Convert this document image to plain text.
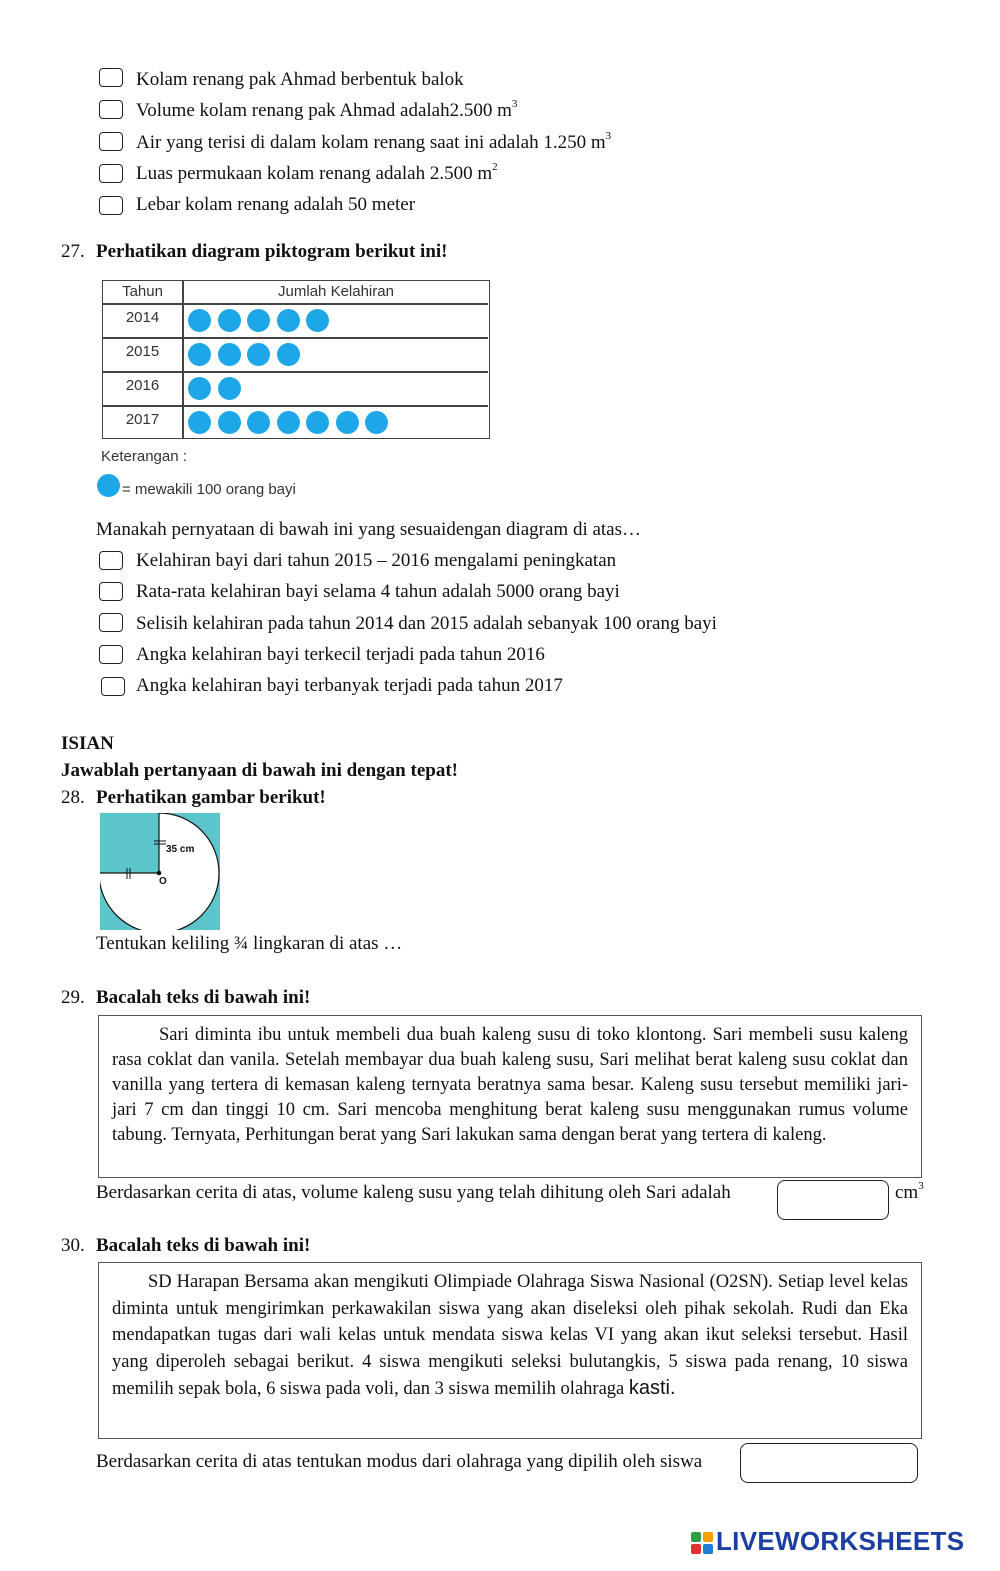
Kolam renang pak Ahmad berbentuk balok
Volume kolam renang pak Ahmad adalah2.500 $m^3$
Air yang terisi di dalam kolam renang saat ini adalah 1.250 $m^3$
Luas permukaan kolam renang adalah 2.500 $m^2$
Lebar kolam renang adalah 50 meter
27. Perhatikan diagram piktogram berikut ini!
Tahun	Jumlah Kelahiran
2014
2015
2016
2017
Keterangan :
= mewakili 100 orang bayi
Manakah pernyataan di bawah ini yang sesuaidengan diagram di atas…
Kelahiran bayi dari tahun 2015 – 2016 mengalami peningkatan
Rata-rata kelahiran bayi selama 4 tahun adalah 5000 orang bayi
Selisih kelahiran pada tahun 2014 dan 2015 adalah sebanyak 100 orang bayi
Angka kelahiran bayi terkecil terjadi pada tahun 2016
Angka kelahiran bayi terbanyak terjadi pada tahun 2017
ISIAN
Jawablah pertanyaan di bawah ini dengan tepat!
28. Perhatikan gambar berikut!
35 cm
O
Tentukan keliling ¾ lingkaran di atas …
29. Bacalah teks di bawah ini!
Sari diminta ibu untuk membeli dua buah kaleng susu di toko klontong. Sari membeli susu kaleng rasa coklat dan vanila. Setelah membayar dua buah kaleng susu, Sari melihat berat kaleng susu coklat dan vanilla yang tertera di kemasan kaleng ternyata beratnya sama besar. Kaleng susu tersebut memiliki jari-jari 7 cm dan tinggi 10 cm. Sari mencoba menghitung berat kaleng susu menggunakan rumus volume tabung. Ternyata, Perhitungan berat yang Sari lakukan sama dengan berat yang tertera di kaleng.
Berdasarkan cerita di atas, volume kaleng susu yang telah dihitung oleh Sari adalah	$cm^3$
30. Bacalah teks di bawah ini!
SD Harapan Bersama akan mengikuti Olimpiade Olahraga Siswa Nasional (O2SN). Setiap level kelas diminta untuk mengirimkan perkawakilan siswa yang akan diseleksi oleh pihak sekolah. Rudi dan Eka mendapatkan tugas dari wali kelas untuk mendata siswa kelas VI yang akan ikut seleksi tersebut. Hasil yang diperoleh sebagai berikut. 4 siswa mengikuti seleksi bulutangkis, 5 siswa pada renang, 10 siswa memilih sepak bola, 6 siswa pada voli, dan 3 siswa memilih olahraga kasti.
Berdasarkan cerita di atas tentukan modus dari olahraga yang dipilih oleh siswa
LIVEWORKSHEETS
